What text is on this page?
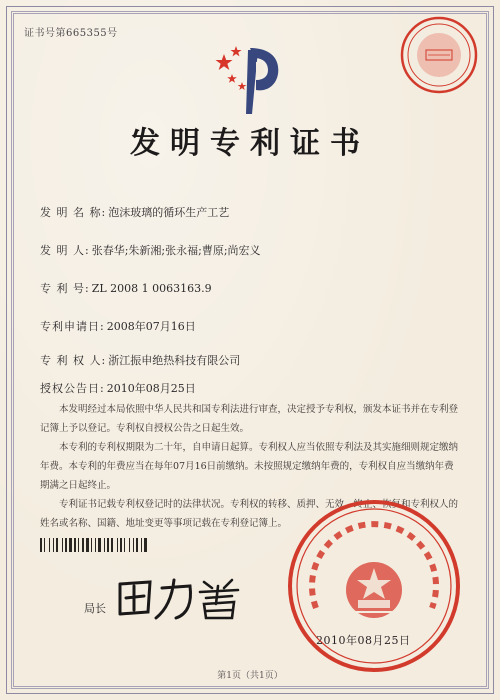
证书号第665355号
发明专利证书
发 明 名 称: 泡沫玻璃的循环生产工艺
发 明 人: 张春华;朱新湘;张永福;曹原;尚宏义
专 利 号: ZL 2008 1 0063163.9
专利申请日: 2008年07月16日
专 利 权 人: 浙江振申绝热科技有限公司
授权公告日: 2010年08月25日

本发明经过本局依照中华人民共和国专利法进行审查，决定授予专利权，颁发本证书并在专利登记簿上予以登记。专利权自授权公告之日起生效。

本专利的专利权期限为二十年，自申请日起算。专利权人应当依照专利法及其实施细则规定缴纳年费。本专利的年费应当在每年07月16日前缴纳。未按照规定缴纳年费的，专利权自应当缴纳年费期满之日起终止。

专利证书记载专利权登记时的法律状况。专利权的转移、质押、无效、终止、恢复和专利权人的姓名或名称、国籍、地址变更等事项记载在专利登记簿上。

局长
2010年08月25日
第1页（共1页）
